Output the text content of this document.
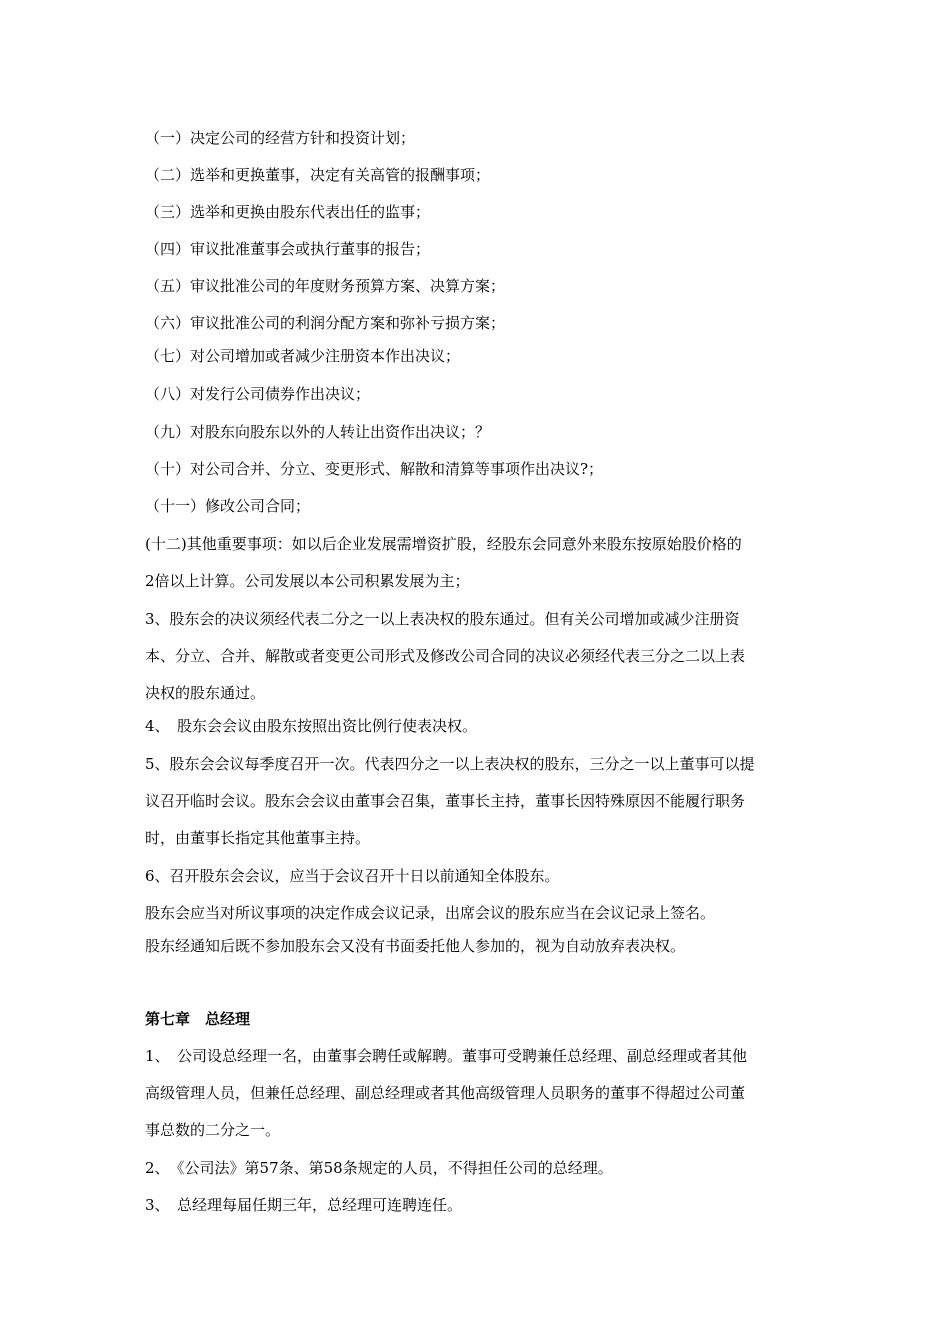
（一）决定公司的经营方针和投资计划；
（二）选举和更换董事，决定有关高管的报酬事项；
（三）选举和更换由股东代表出任的监事；
（四）审议批准董事会或执行董事的报告；
（五）审议批准公司的年度财务预算方案、决算方案；
（六）审议批准公司的利润分配方案和弥补亏损方案；
（七）对公司增加或者减少注册资本作出决议；
（八）对发行公司债券作出决议；
（九）对股东向股东以外的人转让出资作出决议；？
（十）对公司合并、分立、变更形式、解散和清算等事项作出决议?；
（十一）修改公司合同；
(十二)其他重要事项：如以后企业发展需增资扩股，经股东会同意外来股东按原始股价格的
2倍以上计算。公司发展以本公司积累发展为主；
3、股东会的决议须经代表二分之一以上表决权的股东通过。但有关公司增加或减少注册资
本、分立、合并、解散或者变更公司形式及修改公司合同的决议必须经代表三分之二以上表
决权的股东通过。
4、　股东会会议由股东按照出资比例行使表决权。
5、股东会会议每季度召开一次。代表四分之一以上表决权的股东，三分之一以上董事可以提
议召开临时会议。股东会会议由董事会召集，董事长主持，董事长因特殊原因不能履行职务
时，由董事长指定其他董事主持。
6、召开股东会会议，应当于会议召开十日以前通知全体股东。
股东会应当对所议事项的决定作成会议记录，出席会议的股东应当在会议记录上签名。
股东经通知后既不参加股东会又没有书面委托他人参加的，视为自动放弃表决权。
第七章　总经理
1、　公司设总经理一名，由董事会聘任或解聘。董事可受聘兼任总经理、副总经理或者其他
高级管理人员，但兼任总经理、副总经理或者其他高级管理人员职务的董事不得超过公司董
事总数的二分之一。
2、　《公司法》第57条、第58条规定的人员，不得担任公司的总经理。
3、　总经理每届任期三年，总经理可连聘连任。
